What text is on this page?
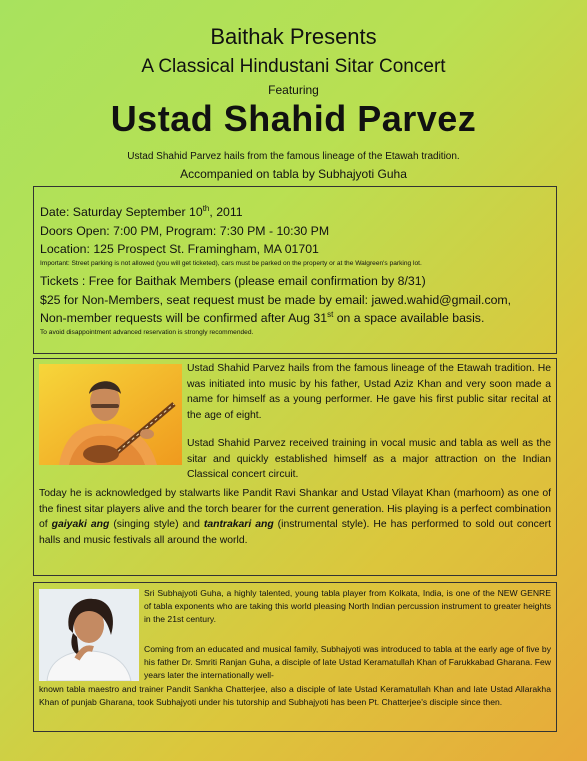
Baithak Presents
A Classical Hindustani Sitar Concert
Featuring
Ustad Shahid Parvez
Ustad Shahid Parvez hails from the famous lineage of the Etawah tradition.
Accompanied on tabla by Subhajyoti Guha
Date: Saturday September 10th, 2011
Doors Open: 7:00 PM, Program: 7:30 PM - 10:30 PM
Location: 125 Prospect St. Framingham, MA 01701
Important: Street parking is not allowed (you will get ticketed), cars must be parked on the property or at the Walgreen's parking lot.
Tickets : Free for Baithak Members (please email confirmation by 8/31)
$25 for Non-Members, seat request must be made by email: jawed.wahid@gmail.com,
Non-member requests will be confirmed after Aug 31st on a space available basis.
To avoid disappointment advanced reservation is strongly recommended.
Ustad Shahid Parvez hails from the famous lineage of the Etawah tradition. He was initiated into music by his father, Ustad Aziz Khan and very soon made a name for himself as a young performer. He gave his first public sitar recital at the age of eight.
Ustad Shahid Parvez received training in vocal music and tabla as well as the sitar and quickly established himself as a major attraction on the Indian Classical concert circuit.
Today he is acknowledged by stalwarts like Pandit Ravi Shankar and Ustad Vilayat Khan (marhoom) as one of the finest sitar players alive and the torch bearer for the current generation. His playing is a perfect combination of gaiyaki ang (singing style) and tantrakari ang (instrumental style). He has performed to sold out concert halls and music festivals all around the world.
Sri Subhajyoti Guha, a highly talented, young tabla player from Kolkata, India, is one of the NEW GENRE of tabla exponents who are taking this world pleasing North Indian percussion instrument to greater heights in the 21st century.
Coming from an educated and musical family, Subhajyoti was introduced to tabla at the early age of five by his father Dr. Smriti Ranjan Guha, a disciple of late Ustad Keramatullah Khan of Farukkabad Gharana. Few years later the internationally well-
known tabla maestro and trainer Pandit Sankha Chatterjee, also a disciple of late Ustad Keramatullah Khan and late Ustad Allarakha Khan of punjab Gharana, took Subhajyoti under his tutorship and Subhajyoti has been Pt. Chatterjee's disciple since then.
